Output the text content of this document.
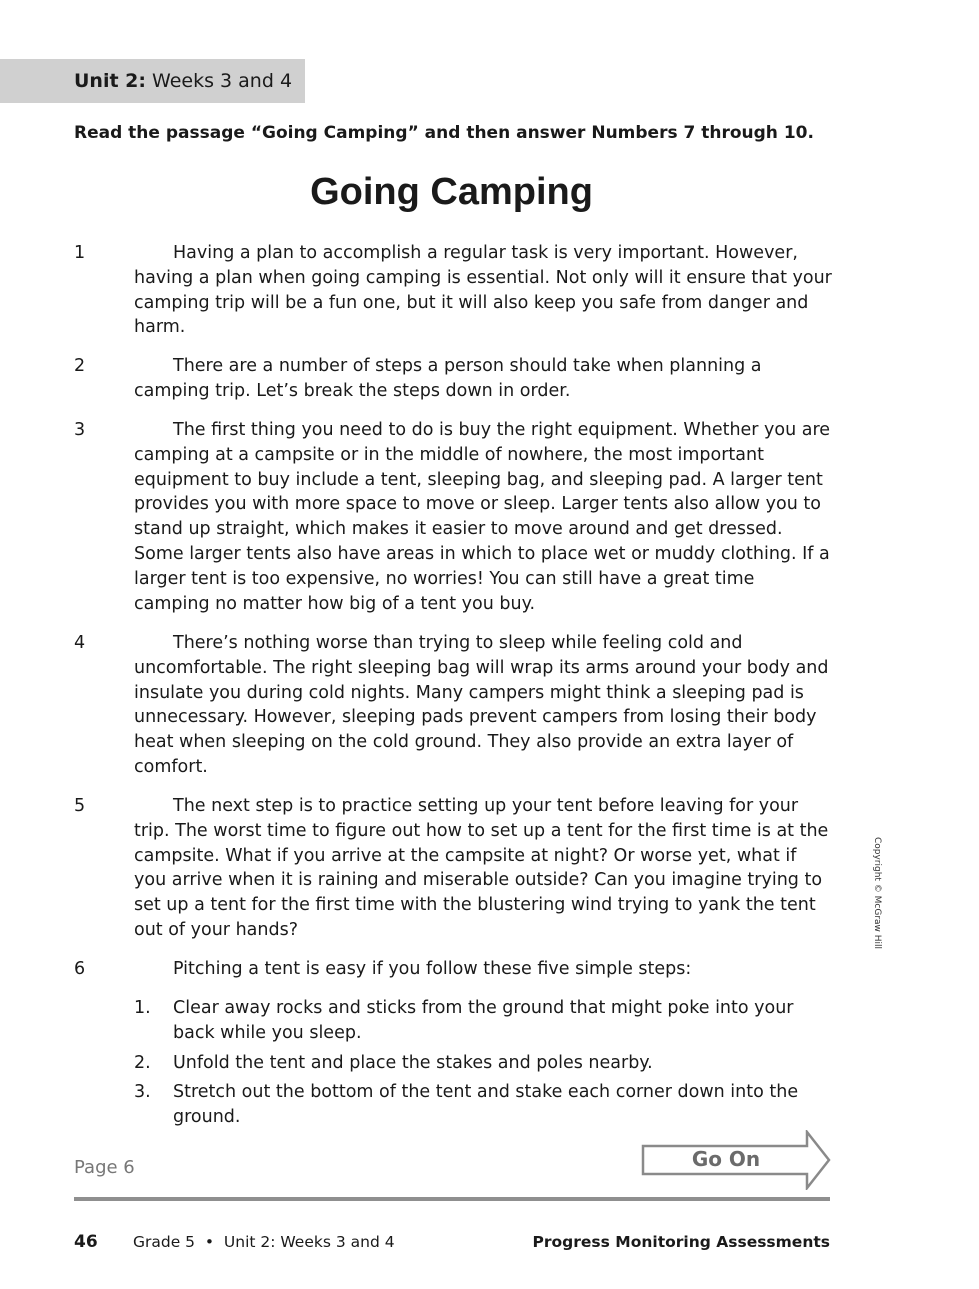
Unit 2: Weeks 3 and 4
Read the passage “Going Camping” and then answer Numbers 7 through 10.
Going Camping
1	Having a plan to accomplish a regular task is very important. However, having a plan when going camping is essential. Not only will it ensure that your camping trip will be a fun one, but it will also keep you safe from danger and harm.
2	There are a number of steps a person should take when planning a camping trip. Let’s break the steps down in order.
3	The first thing you need to do is buy the right equipment. Whether you are camping at a campsite or in the middle of nowhere, the most important equipment to buy include a tent, sleeping bag, and sleeping pad. A larger tent provides you with more space to move or sleep. Larger tents also allow you to stand up straight, which makes it easier to move around and get dressed. Some larger tents also have areas in which to place wet or muddy clothing. If a larger tent is too expensive, no worries! You can still have a great time camping no matter how big of a tent you buy.
4	There’s nothing worse than trying to sleep while feeling cold and uncomfortable. The right sleeping bag will wrap its arms around your body and insulate you during cold nights. Many campers might think a sleeping pad is unnecessary. However, sleeping pads prevent campers from losing their body heat when sleeping on the cold ground. They also provide an extra layer of comfort.
5	The next step is to practice setting up your tent before leaving for your trip. The worst time to figure out how to set up a tent for the first time is at the campsite. What if you arrive at the campsite at night? Or worse yet, what if you arrive when it is raining and miserable outside? Can you imagine trying to set up a tent for the first time with the blustering wind trying to yank the tent out of your hands?
6	Pitching a tent is easy if you follow these five simple steps:
1. Clear away rocks and sticks from the ground that might poke into your back while you sleep.
2. Unfold the tent and place the stakes and poles nearby.
3. Stretch out the bottom of the tent and stake each corner down into the ground.
Copyright © McGraw Hill
Page 6	Go On
46 Grade 5  •  Unit 2: Weeks 3 and 4	Progress Monitoring Assessments
